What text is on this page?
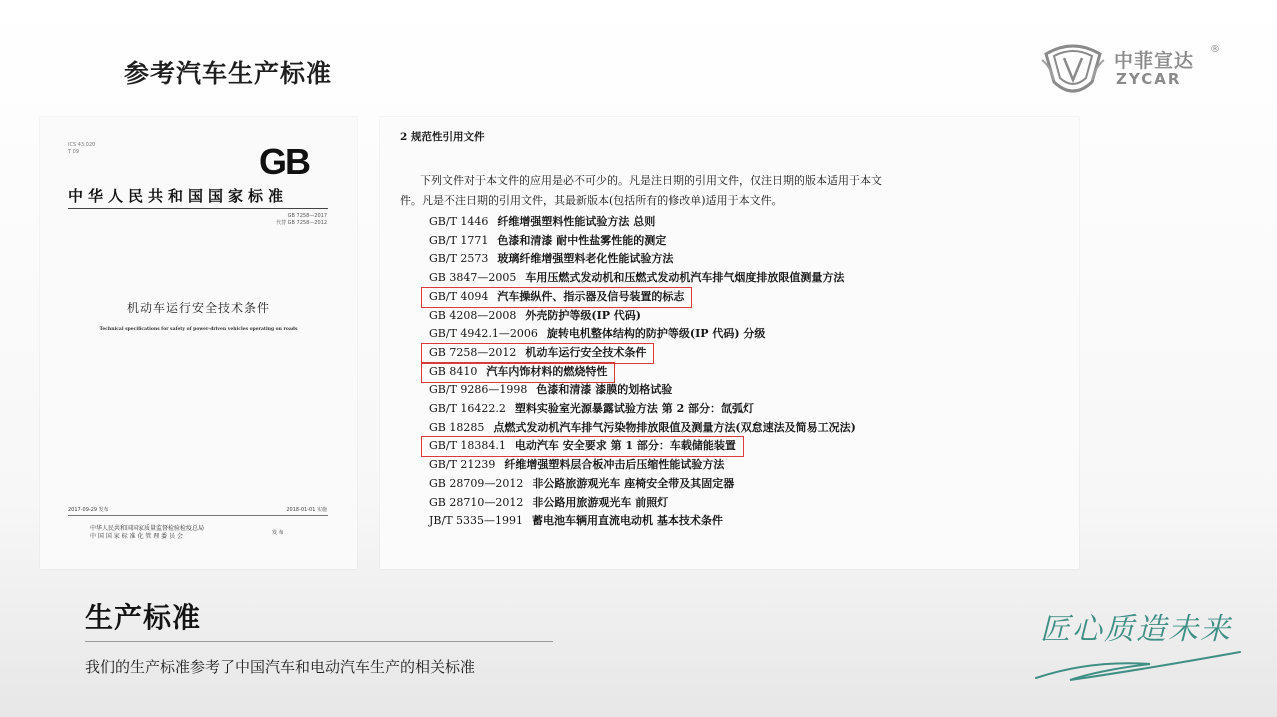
参考汽车生产标准	中菲宣达
®
ZYCAR
ICS 43.020
T 09	GB
中华人民共和国国家标准
GB 7258—2017
代替 GB 7258—2012
机动车运行安全技术条件
Technical specifications for safety of power-driven vehicles operating on roads
2017-09-29 发布	2018-01-01 实施
中华人民共和国国家质量监督检验检疫总局
中 国 国 家 标 准 化 管 理 委 员 会	发 布
2 规范性引用文件
下列文件对于本文件的应用是必不可少的。凡是注日期的引用文件，仅注日期的版本适用于本文
件。凡是不注日期的引用文件，其最新版本(包括所有的修改单)适用于本文件。
GB/T 1446 纤维增强塑料性能试验方法 总则
GB/T 1771 色漆和清漆 耐中性盐雾性能的测定
GB/T 2573 玻璃纤维增强塑料老化性能试验方法
GB 3847—2005 车用压燃式发动机和压燃式发动机汽车排气烟度排放限值测量方法
GB/T 4094 汽车操纵件、指示器及信号装置的标志
GB 4208—2008 外壳防护等级(IP 代码)
GB/T 4942.1—2006 旋转电机整体结构的防护等级(IP 代码) 分级
GB 7258—2012 机动车运行安全技术条件
GB 8410 汽车内饰材料的燃烧特性
GB/T 9286—1998 色漆和清漆 漆膜的划格试验
GB/T 16422.2 塑料实验室光源暴露试验方法 第 2 部分：氙弧灯
GB 18285 点燃式发动机汽车排气污染物排放限值及测量方法(双怠速法及简易工况法)
GB/T 18384.1 电动汽车 安全要求 第 1 部分：车载储能装置
GB/T 21239 纤维增强塑料层合板冲击后压缩性能试验方法
GB 28709—2012 非公路旅游观光车 座椅安全带及其固定器
GB 28710—2012 非公路用旅游观光车 前照灯
JB/T 5335—1991 蓄电池车辆用直流电动机 基本技术条件
生产标准
我们的生产标准参考了中国汽车和电动汽车生产的相关标准
匠心质造未来
